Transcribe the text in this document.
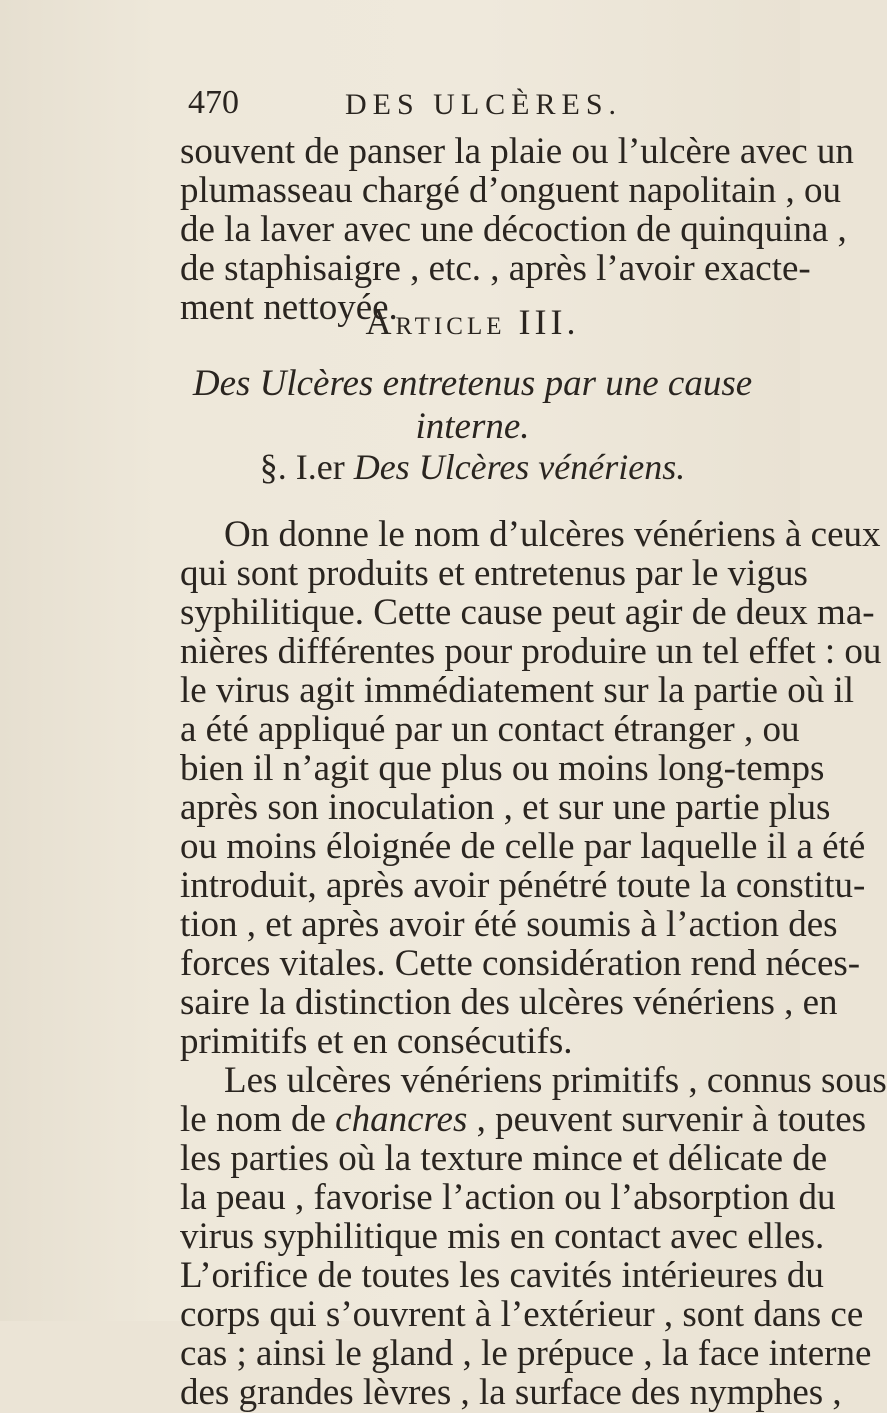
470	DES ULCÈRES.
souvent de panser la plaie ou l’ulcère avec un
plumasseau chargé d’onguent napolitain , ou
de la laver avec une décoction de quinquina ,
de staphisaigre , etc. , après l’avoir exacte-
ment nettoyée.
Article III.
Des Ulcères entretenus par une cause interne.
§. I.er Des Ulcères vénériens.
On donne le nom d’ulcères vénériens à ceux
qui sont produits et entretenus par le vigus
syphilitique. Cette cause peut agir de deux ma-
nières différentes pour produire un tel effet : ou
le virus agit immédiatement sur la partie où il
a été appliqué par un contact étranger , ou
bien il n’agit que plus ou moins long-temps
après son inoculation , et sur une partie plus
ou moins éloignée de celle par laquelle il a été
introduit, après avoir pénétré toute la constitu-
tion , et après avoir été soumis à l’action des
forces vitales. Cette considération rend néces-
saire la distinction des ulcères vénériens , en
primitifs et en consécutifs.
Les ulcères vénériens primitifs , connus sous
le nom de chancres , peuvent survenir à toutes
les parties où la texture mince et délicate de
la peau , favorise l’action ou l’absorption du
virus syphilitique mis en contact avec elles.
L’orifice de toutes les cavités intérieures du
corps qui s’ouvrent à l’extérieur , sont dans ce
cas ; ainsi le gland , le prépuce , la face interne
des grandes lèvres , la surface des nymphes ,
